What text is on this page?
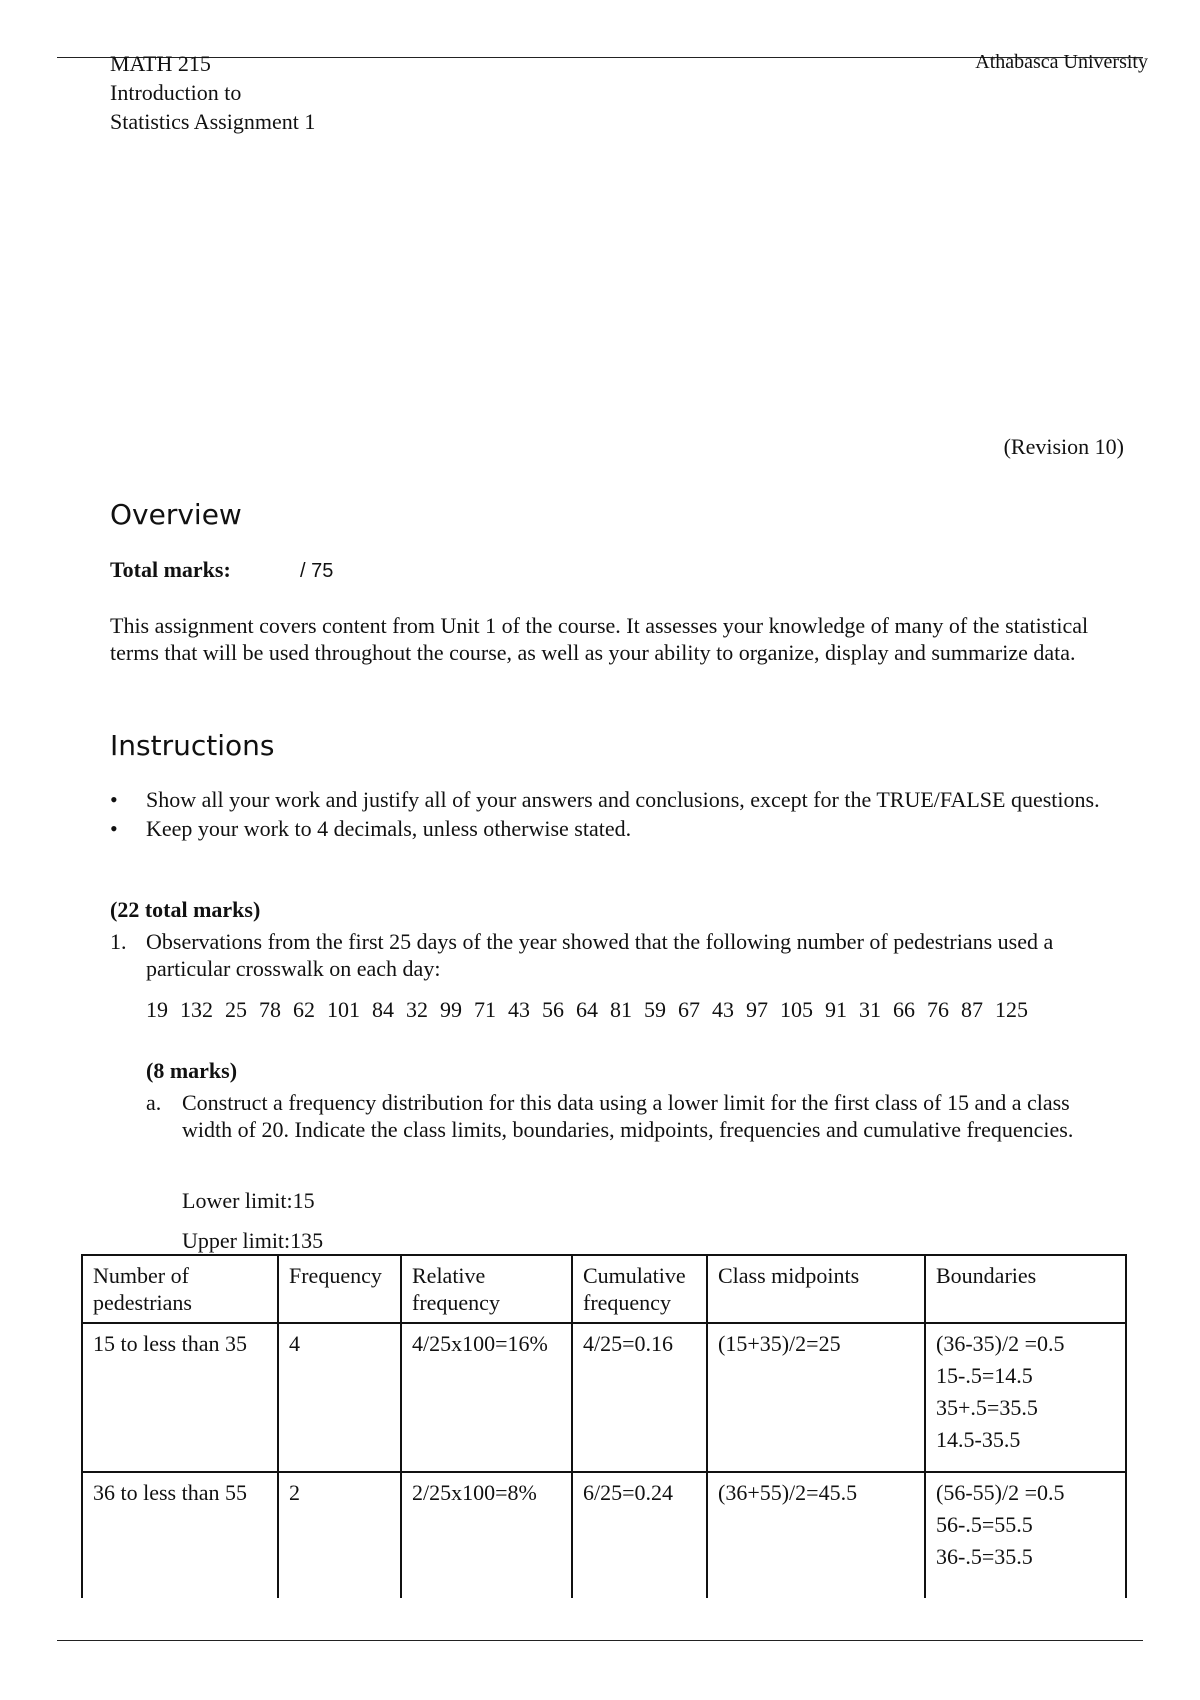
MATH 215
Introduction to
Statistics Assignment 1
Athabasca University
(Revision 10)
Overview
Total marks:	/ 75
This assignment covers content from Unit 1 of the course. It assesses your knowledge of many of the statistical terms that will be used throughout the course, as well as your ability to organize, display and summarize data.
Instructions
• Show all your work and justify all of your answers and conclusions, except for the TRUE/FALSE questions.
• Keep your work to 4 decimals, unless otherwise stated.
(22 total marks)
1. Observations from the first 25 days of the year showed that the following number of pedestrians used a particular crosswalk on each day:
19 132 25 78 62 101 84 32 99 71 43 56 64 81 59 67 43 97 105 91 31 66 76 87 125
(8 marks)
a. Construct a frequency distribution for this data using a lower limit for the first class of 15 and a class width of 20. Indicate the class limits, boundaries, midpoints, frequencies and cumulative frequencies.
Lower limit:15
Upper limit:135
Number of pedestrians	Frequency	Relative frequency	Cumulative frequency	Class midpoints	Boundaries
15 to less than 35	4	4/25x100=16%	4/25=0.16	(15+35)/2=25	(36-35)/2 =0.5
15-.5=14.5
35+.5=35.5
14.5-35.5

36 to less than 55	2	2/25x100=8%	6/25=0.24	(36+55)/2=45.5	(56-55)/2 =0.5
56-.5=55.5
36-.5=35.5
